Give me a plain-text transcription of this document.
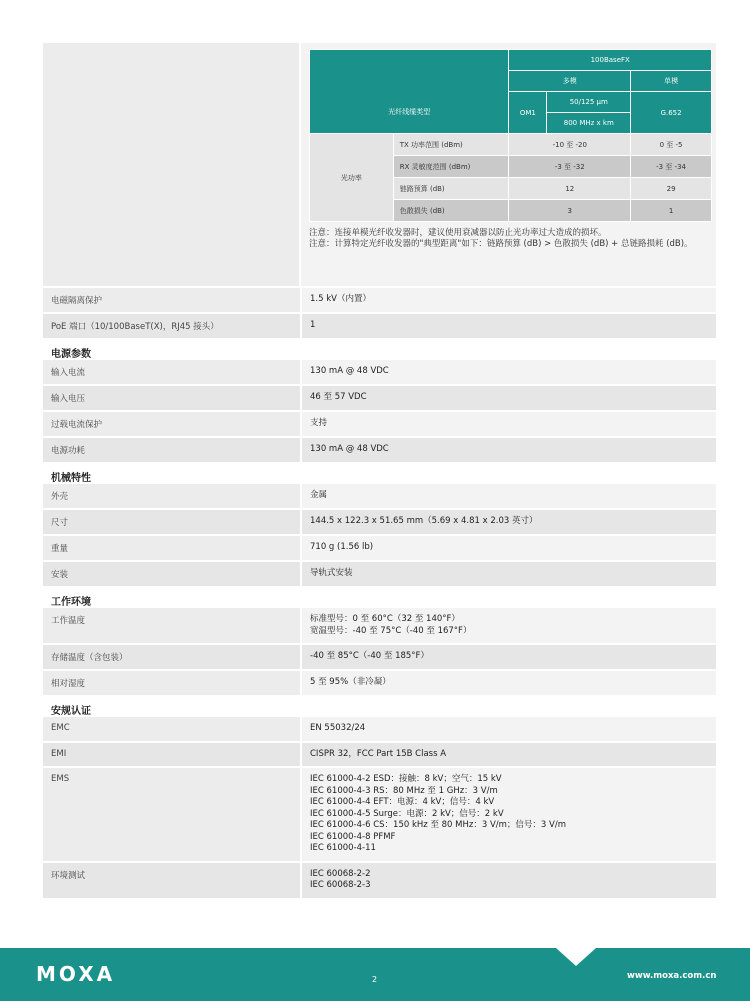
		100BaseFX		
		多模		单模
光纤线缆类型		OM1	50/125 μm	G.652
			800 MHz x km	
光功率	TX 功率范围 (dBm)	-10 至 -20		0 至 -5
	RX 灵敏度范围 (dBm)	-3 至 -32		-3 至 -34
	链路预算 (dB)	12		29
	色散损失 (dB)	3		1
注意：连接单模光纤收发器时，建议使用衰减器以防止光功率过大造成的损坏。
注意：计算特定光纤收发器的"典型距离"如下：链路预算 (dB) > 色散损失 (dB) + 总链路损耗 (dB)。
电磁隔离保护	1.5 kV（内置）
PoE 端口（10/100BaseT(X)，RJ45 接头）	1
电源参数
输入电流	130 mA @ 48 VDC
输入电压	46 至 57 VDC
过载电流保护	支持
电源功耗	130 mA @ 48 VDC
机械特性
外壳	金属
尺寸	144.5 x 122.3 x 51.65 mm（5.69 x 4.81 x 2.03 英寸）
重量	710 g (1.56 lb)
安装	导轨式安装
工作环境
工作温度	标准型号：0 至 60°C（32 至 140°F）
宽温型号：-40 至 75°C（-40 至 167°F）
存储温度（含包装）	-40 至 85°C（-40 至 185°F）
相对湿度	5 至 95%（非冷凝）
安规认证
EMC	EN 55032/24
EMI	CISPR 32，FCC Part 15B Class A
EMS	IEC 61000-4-2 ESD：接触：8 kV；空气：15 kV
IEC 61000-4-3 RS：80 MHz 至 1 GHz：3 V/m
IEC 61000-4-4 EFT：电源：4 kV；信号：4 kV
IEC 61000-4-5 Surge：电源：2 kV；信号：2 kV
IEC 61000-4-6 CS：150 kHz 至 80 MHz：3 V/m；信号：3 V/m
IEC 61000-4-8 PFMF
IEC 61000-4-11
环境测试	IEC 60068-2-2
IEC 60068-2-3
MOXA	2	www.moxa.com.cn
